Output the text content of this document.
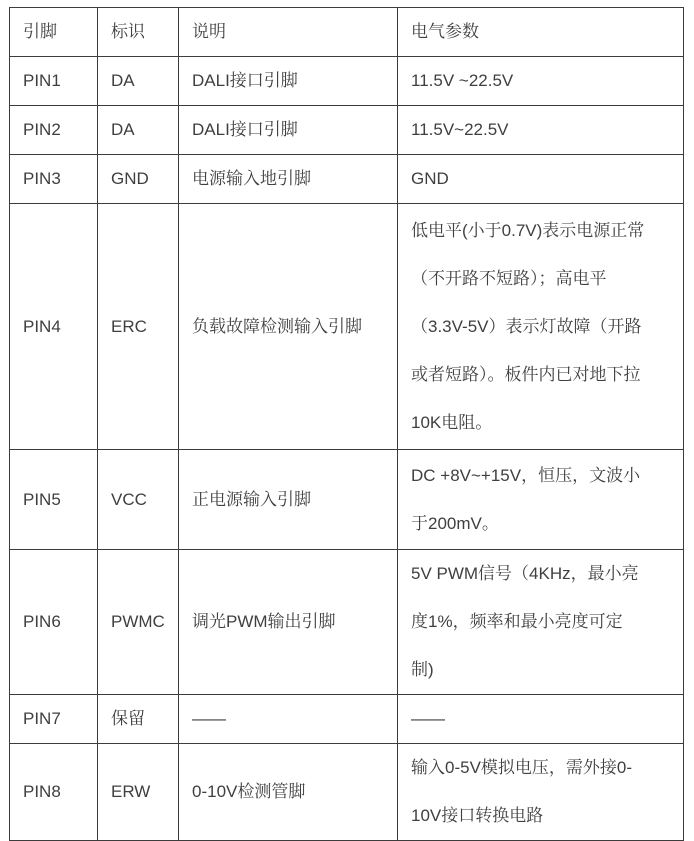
引脚	标识	说明	电气参数

PIN1	DA	DALI接口引脚	11.5V ~22.5V

PIN2	DA	DALI接口引脚	11.5V~22.5V

PIN3	GND	电源输入地引脚	GND

PIN4	ERC	负载故障检测输入引脚	低电平(小于0.7V)表示电源正常
（不开路不短路）；高电平
（3.3V-5V）表示灯故障（开路
或者短路）。板件内已对地下拉
10K电阻。

PIN5	VCC	正电源输入引脚	DC +8V~+15V，恒压，文波小
于200mV。

PIN6	PWMC	调光PWM输出引脚	5V PWM信号（4KHz，最小亮
度1%，频率和最小亮度可定
制)

PIN7	保留	——	——

PIN8	ERW	0-10V检测管脚	输入0-5V模拟电压，需外接0-
10V接口转换电路
